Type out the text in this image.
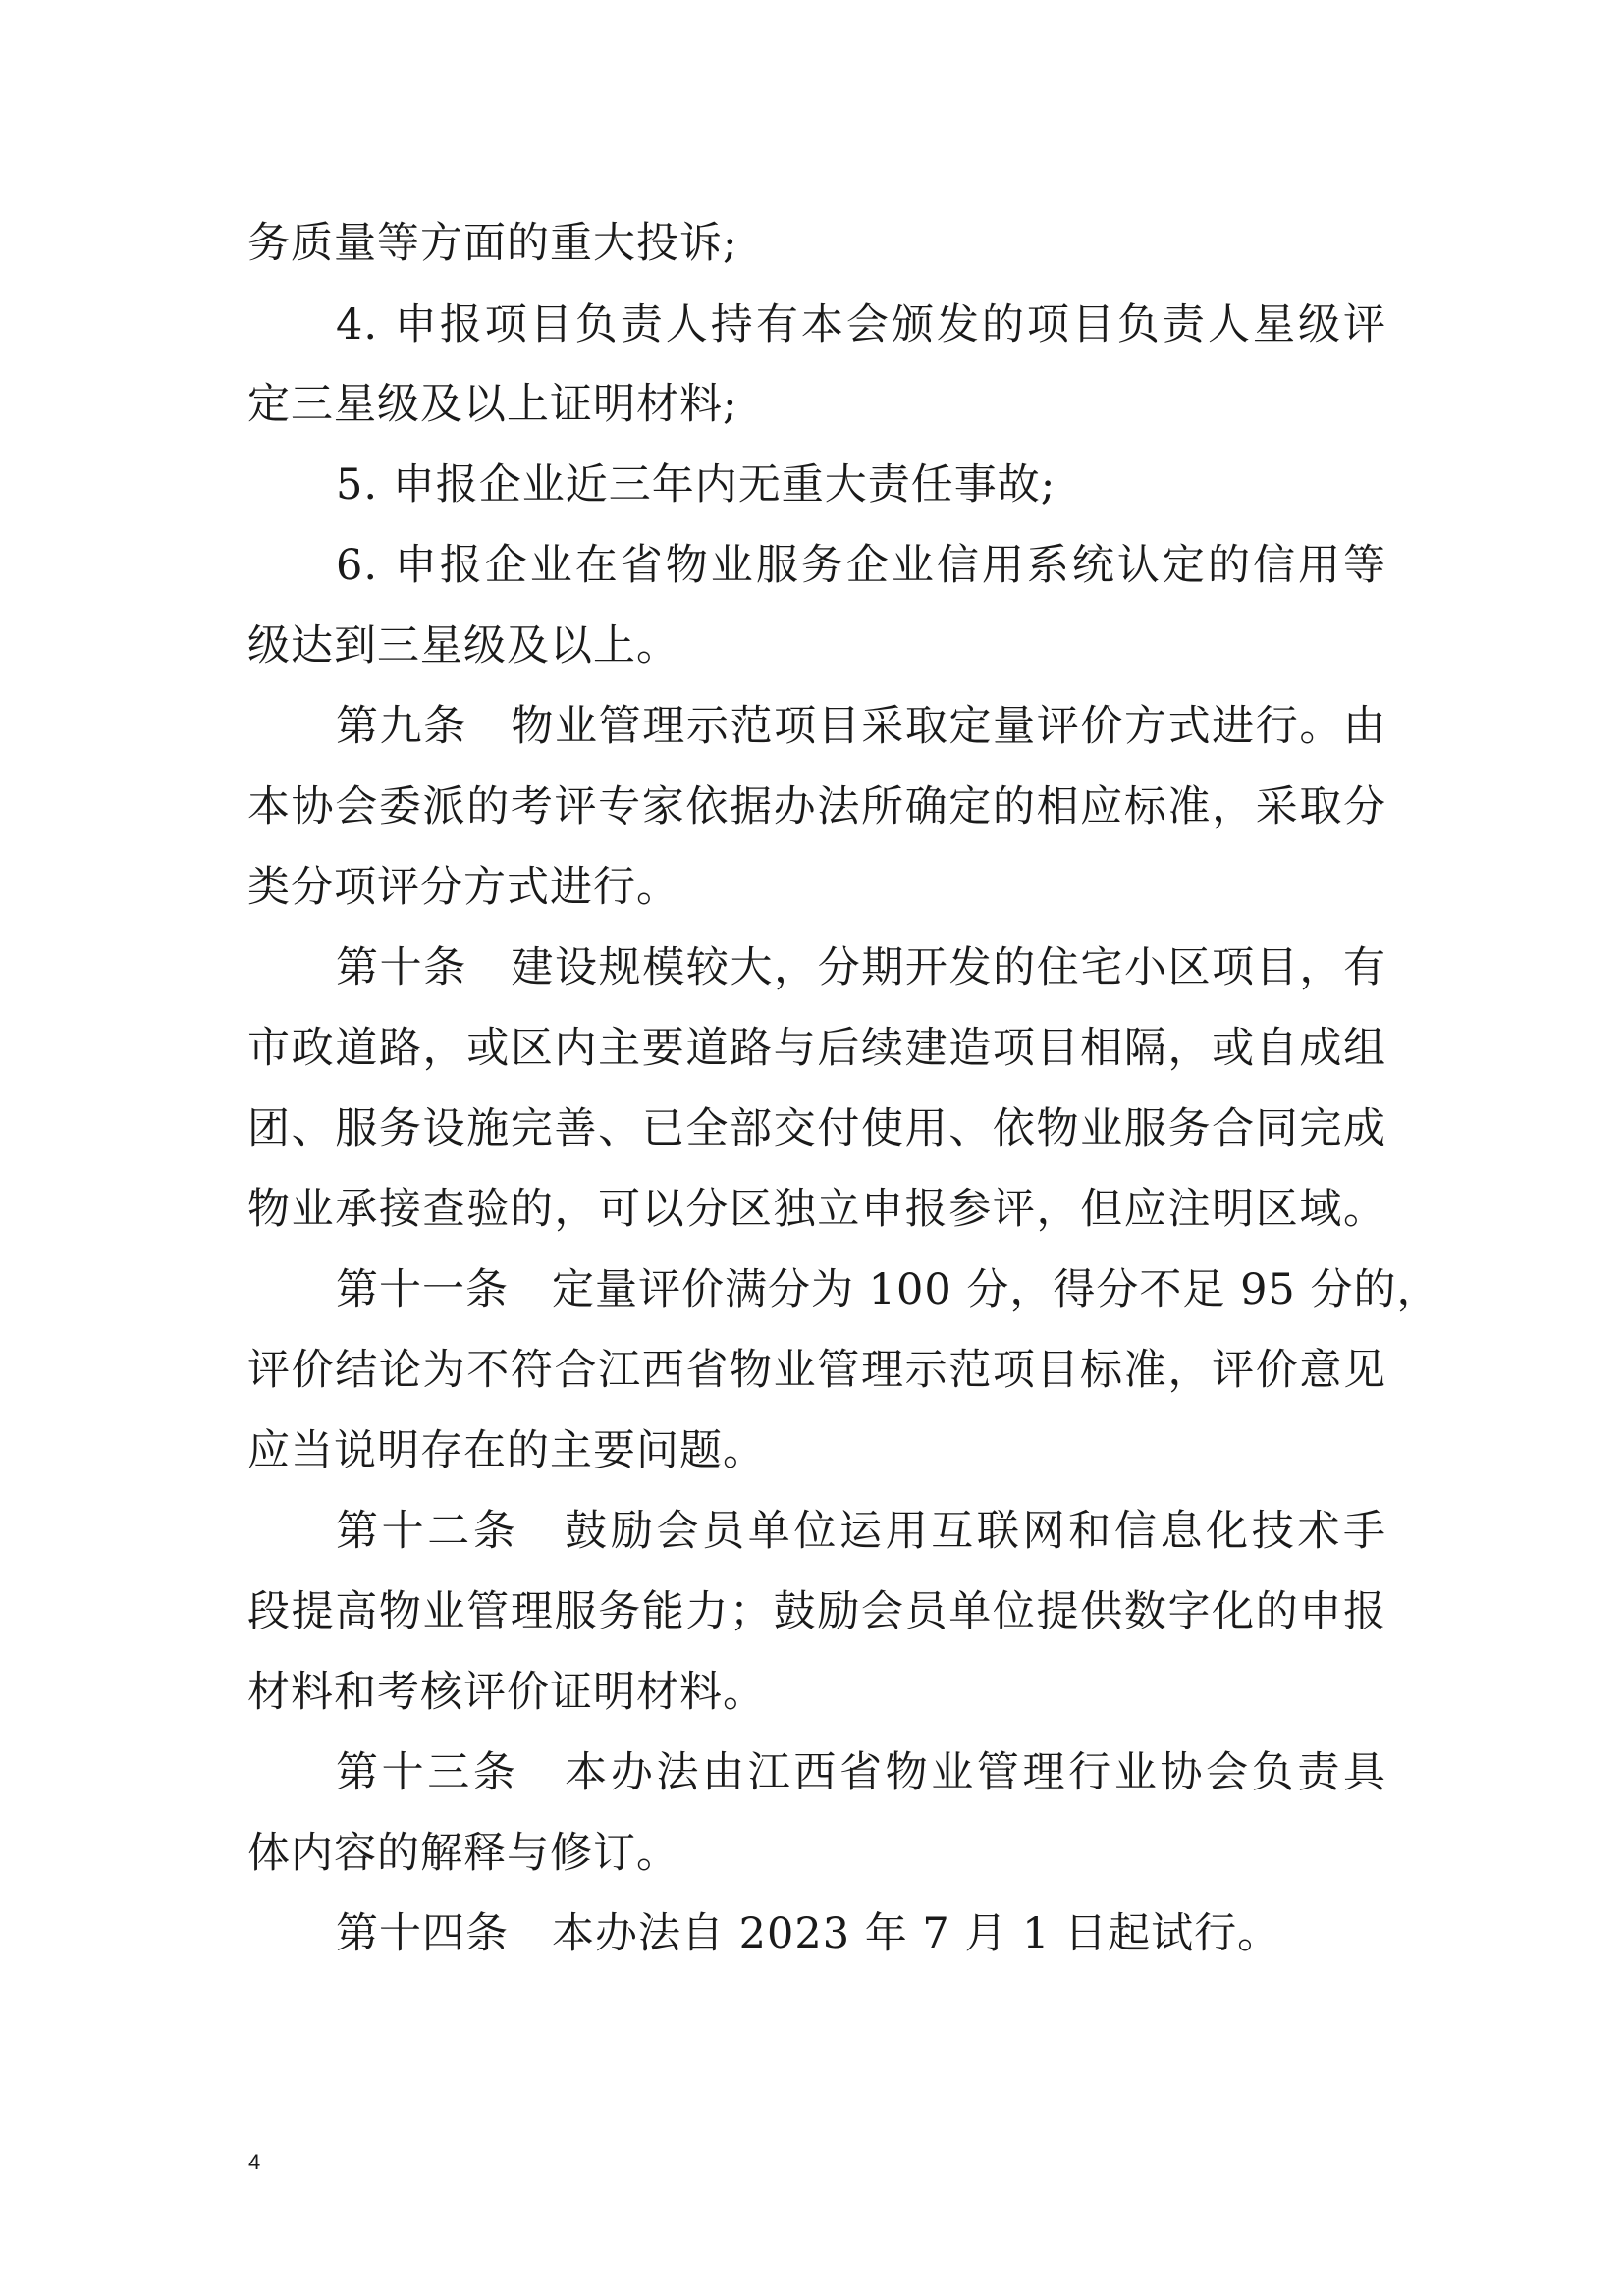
务质量等方面的重大投诉;

4. 申报项目负责人持有本会颁发的项目负责人星级评

定三星级及以上证明材料;

5. 申报企业近三年内无重大责任事故;

6. 申报企业在省物业服务企业信用系统认定的信用等

级达到三星级及以上。

第九条　物业管理示范项目采取定量评价方式进行。由

本协会委派的考评专家依据办法所确定的相应标准，采取分

类分项评分方式进行。

第十条　建设规模较大，分期开发的住宅小区项目，有

市政道路，或区内主要道路与后续建造项目相隔，或自成组

团、服务设施完善、已全部交付使用、依物业服务合同完成

物业承接查验的，可以分区独立申报参评，但应注明区域。

第十一条　定量评价满分为 100 分，得分不足 95 分的，

评价结论为不符合江西省物业管理示范项目标准，评价意见

应当说明存在的主要问题。

第十二条　鼓励会员单位运用互联网和信息化技术手

段提高物业管理服务能力；鼓励会员单位提供数字化的申报

材料和考核评价证明材料。

第十三条　本办法由江西省物业管理行业协会负责具

体内容的解释与修订。

第十四条　本办法自 2023 年 7 月 1 日起试行。

4
